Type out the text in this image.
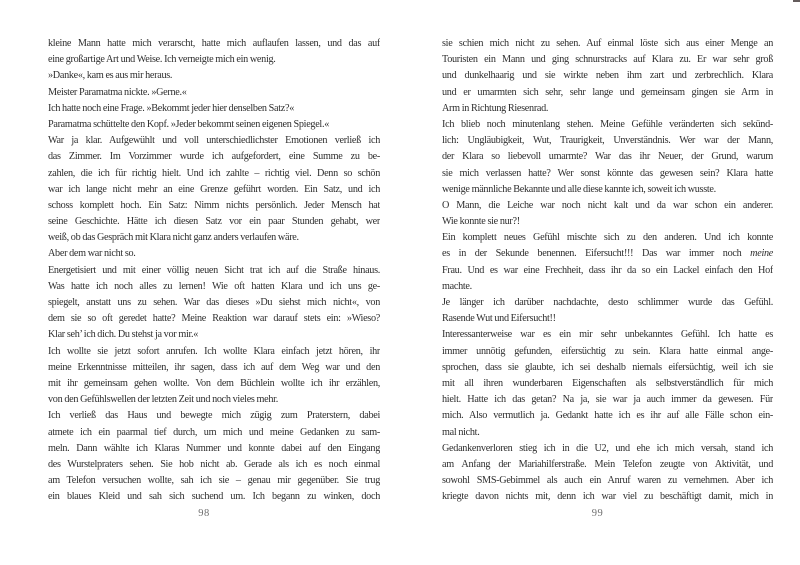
kleine Mann hatte mich verarscht, hatte mich auflaufen lassen, und das auf
eine großartige Art und Weise. Ich verneigte mich ein wenig.
»Danke«, kam es aus mir heraus.
Meister Paramatma nickte. »Gerne.«
Ich hatte noch eine Frage. »Bekommt jeder hier denselben Satz?«
Paramatma schüttelte den Kopf. »Jeder bekommt seinen eigenen Spiegel.«
War ja klar. Aufgewühlt und voll unterschiedlichster Emotionen verließ ich
das Zimmer. Im Vorzimmer wurde ich aufgefordert, eine Summe zu be-
zahlen, die ich für richtig hielt. Und ich zahlte – richtig viel. Denn so schön
war ich lange nicht mehr an eine Grenze geführt worden. Ein Satz, und ich
schoss komplett hoch. Ein Satz: Nimm nichts persönlich. Jeder Mensch hat
seine Geschichte. Hätte ich diesen Satz vor ein paar Stunden gehabt, wer
weiß, ob das Gespräch mit Klara nicht ganz anders verlaufen wäre.
Aber dem war nicht so.
Energetisiert und mit einer völlig neuen Sicht trat ich auf die Straße hinaus.
Was hatte ich noch alles zu lernen! Wie oft hatten Klara und ich uns ge-
spiegelt, anstatt uns zu sehen. War das dieses »Du siehst mich nicht«, von
dem sie so oft geredet hatte? Meine Reaktion war darauf stets ein: »Wieso?
Klar seh’ ich dich. Du stehst ja vor mir.«
Ich wollte sie jetzt sofort anrufen. Ich wollte Klara einfach jetzt hören, ihr
meine Erkenntnisse mitteilen, ihr sagen, dass ich auf dem Weg war und den
mit ihr gemeinsam gehen wollte. Von dem Büchlein wollte ich ihr erzählen,
von den Gefühlswellen der letzten Zeit und noch vieles mehr.
Ich verließ das Haus und bewegte mich zügig zum Praterstern, dabei
atmete ich ein paarmal tief durch, um mich und meine Gedanken zu sam-
meln. Dann wählte ich Klaras Nummer und konnte dabei auf den Eingang
des Wurstelpraters sehen. Sie hob nicht ab. Gerade als ich es noch einmal
am Telefon versuchen wollte, sah ich sie – genau mir gegenüber. Sie trug
ein blaues Kleid und sah sich suchend um. Ich begann zu winken, doch
sie schien mich nicht zu sehen. Auf einmal löste sich aus einer Menge an
Touristen ein Mann und ging schnurstracks auf Klara zu. Er war sehr groß
und dunkelhaarig und sie wirkte neben ihm zart und zerbrechlich. Klara
und er umarmten sich sehr, sehr lange und gemeinsam gingen sie Arm in
Arm in Richtung Riesenrad.
Ich blieb noch minutenlang stehen. Meine Gefühle veränderten sich sekünd-
lich: Ungläubigkeit, Wut, Traurigkeit, Unverständnis. Wer war der Mann,
der Klara so liebevoll umarmte? War das ihr Neuer, der Grund, warum
sie mich verlassen hatte? Wer sonst könnte das gewesen sein? Klara hatte
wenige männliche Bekannte und alle diese kannte ich, soweit ich wusste.
O Mann, die Leiche war noch nicht kalt und da war schon ein anderer.
Wie konnte sie nur?!
Ein komplett neues Gefühl mischte sich zu den anderen. Und ich konnte
es in der Sekunde benennen. Eifersucht!!! Das war immer noch meine
Frau. Und es war eine Frechheit, dass ihr da so ein Lackel einfach den Hof
machte.
Je länger ich darüber nachdachte, desto schlimmer wurde das Gefühl.
Rasende Wut und Eifersucht!!
Interessanterweise war es ein mir sehr unbekanntes Gefühl. Ich hatte es
immer unnötig gefunden, eifersüchtig zu sein. Klara hatte einmal ange-
sprochen, dass sie glaubte, ich sei deshalb niemals eifersüchtig, weil ich sie
mit all ihren wunderbaren Eigenschaften als selbstverständlich für mich
hielt. Hatte ich das getan? Na ja, sie war ja auch immer da gewesen. Für
mich. Also vermutlich ja. Gedankt hatte ich es ihr auf alle Fälle schon ein-
mal nicht.
Gedankenverloren stieg ich in die U2, und ehe ich mich versah, stand ich
am Anfang der Mariahilferstraße. Mein Telefon zeugte von Aktivität, und
sowohl SMS-Gebimmel als auch ein Anruf waren zu vernehmen. Aber ich
kriegte davon nichts mit, denn ich war viel zu beschäftigt damit, mich in
98	99
